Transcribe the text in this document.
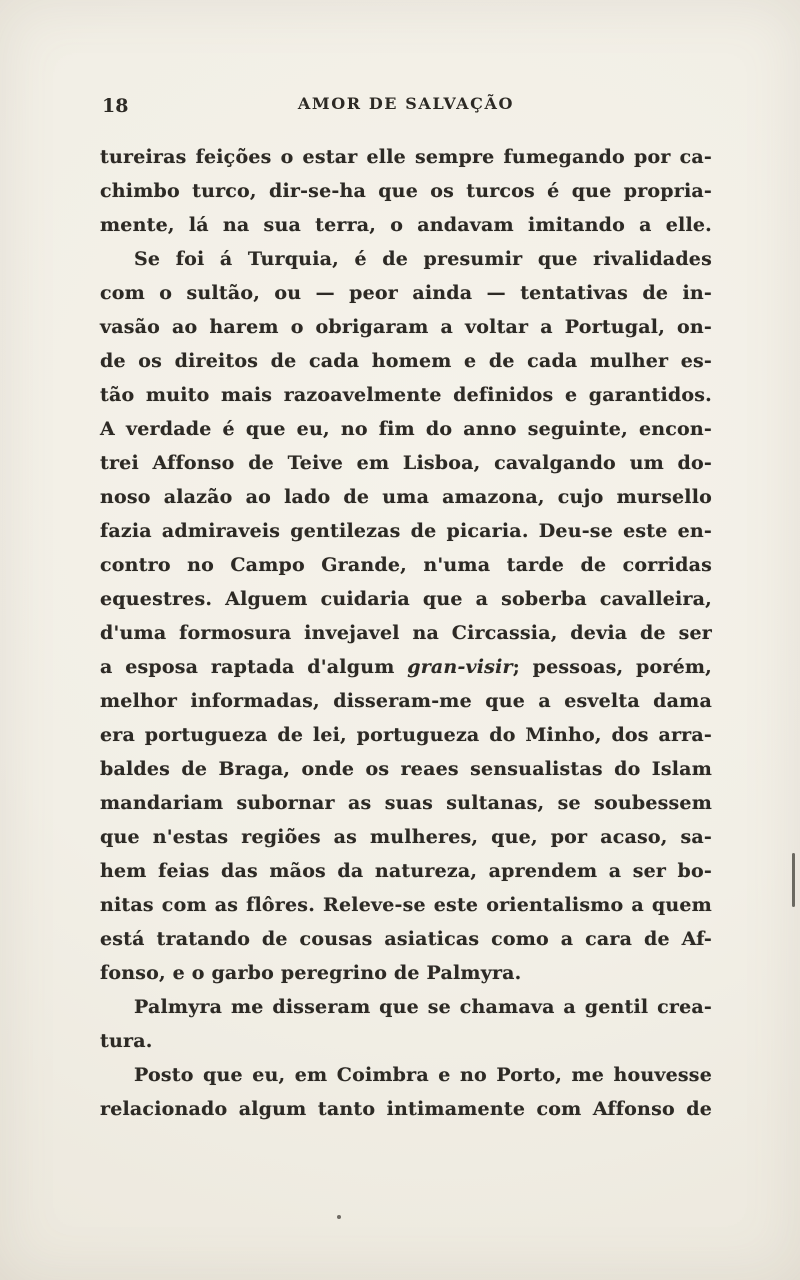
18	AMOR DE SALVAÇÃO
tureiras feições o estar elle sempre fumegando por ca-
chimbo turco, dir-se-ha que os turcos é que propria-
mente, lá na sua terra, o andavam imitando a elle.
Se foi á Turquia, é de presumir que rivalidades
com o sultão, ou — peor ainda — tentativas de in-
vasão ao harem o obrigaram a voltar a Portugal, on-
de os direitos de cada homem e de cada mulher es-
tão muito mais razoavelmente definidos e garantidos.
A verdade é que eu, no fim do anno seguinte, encon-
trei Affonso de Teive em Lisboa, cavalgando um do-
noso alazão ao lado de uma amazona, cujo mursello
fazia admiraveis gentilezas de picaria. Deu-se este en-
contro no Campo Grande, n'uma tarde de corridas
equestres. Alguem cuidaria que a soberba cavalleira,
d'uma formosura invejavel na Circassia, devia de ser
a esposa raptada d'algum gran-visir; pessoas, porém,
melhor informadas, disseram-me que a esvelta dama
era portugueza de lei, portugueza do Minho, dos arra-
baldes de Braga, onde os reaes sensualistas do Islam
mandariam subornar as suas sultanas, se soubessem
que n'estas regiões as mulheres, que, por acaso, sa-
hem feias das mãos da natureza, aprendem a ser bo-
nitas com as flôres. Releve-se este orientalismo a quem
está tratando de cousas asiaticas como a cara de Af-
fonso, e o garbo peregrino de Palmyra.
Palmyra me disseram que se chamava a gentil crea-
tura.
Posto que eu, em Coimbra e no Porto, me houvesse
relacionado algum tanto intimamente com Affonso de
